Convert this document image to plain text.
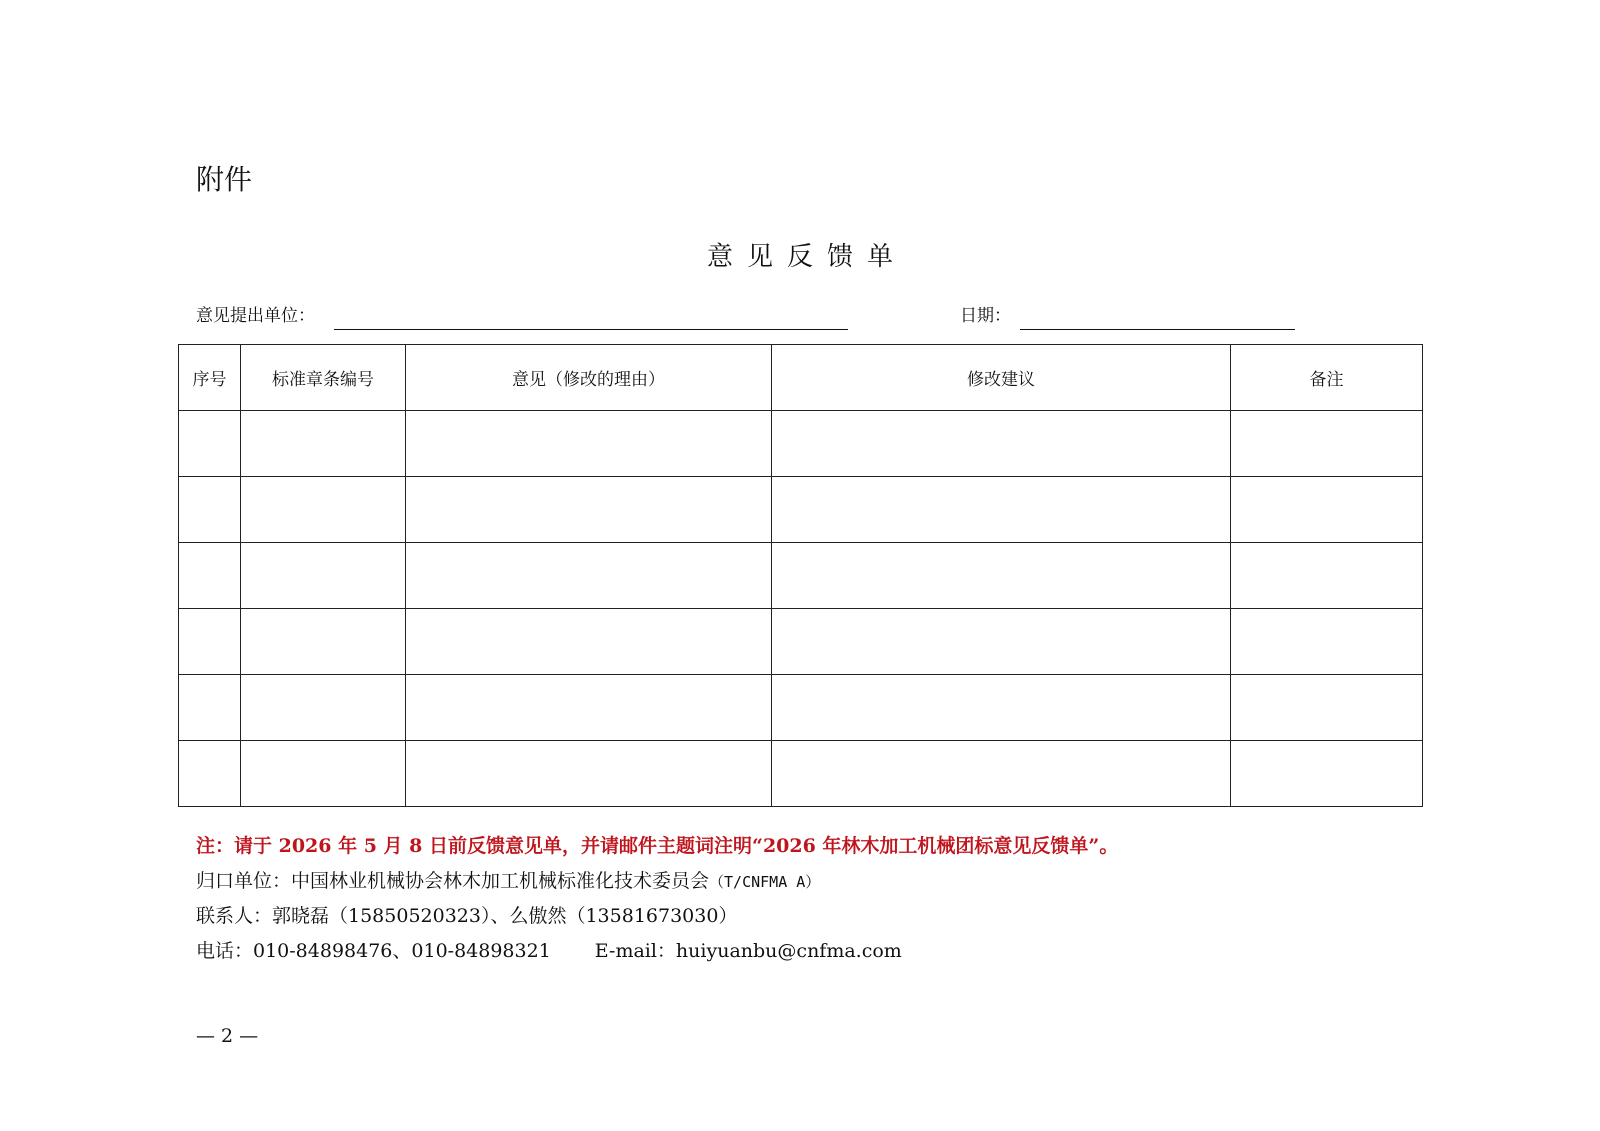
附件
意见反馈单
意见提出单位：	日期：
序号	标准章条编号	意见（修改的理由）	修改建议	备注

注：请于 2026 年 5 月 8 日前反馈意见单，并请邮件主题词注明“2026 年林木加工机械团标意见反馈单”。
归口单位：中国林业机械协会林木加工机械标准化技术委员会（T/CNFMA A）
联系人：郭晓磊（15850520323）、么傲然（13581673030）
电话：010-84898476、010-84898321 E-mail：huiyuanbu@cnfma.com
— 2 —
